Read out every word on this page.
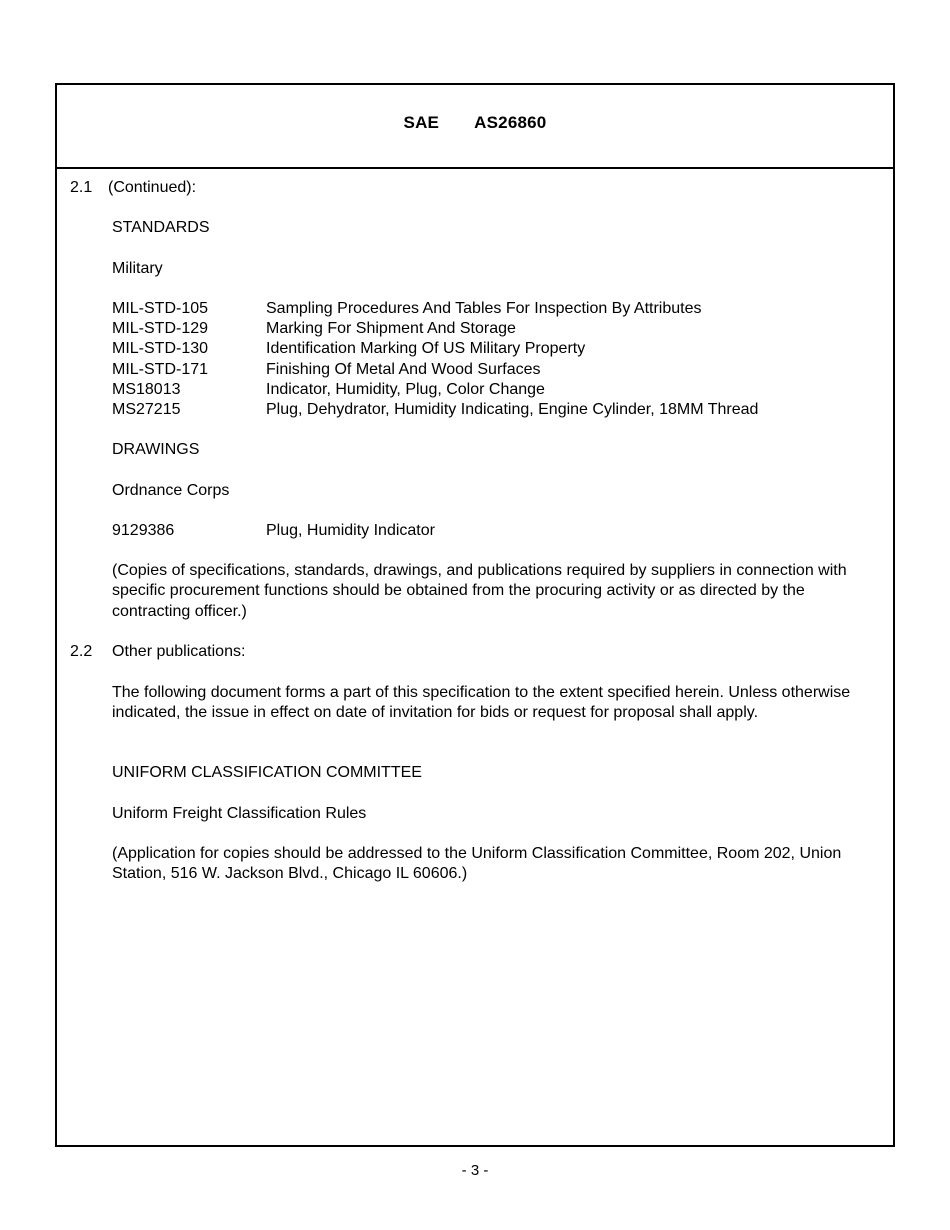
SAE AS26860
2.1 (Continued):
STANDARDS
Military
MIL-STD-105	Sampling Procedures And Tables For Inspection By Attributes
MIL-STD-129	Marking For Shipment And Storage
MIL-STD-130	Identification Marking Of US Military Property
MIL-STD-171	Finishing Of Metal And Wood Surfaces
MS18013	Indicator, Humidity, Plug, Color Change
MS27215	Plug, Dehydrator, Humidity Indicating, Engine Cylinder, 18MM Thread
DRAWINGS
Ordnance Corps
9129386	Plug, Humidity Indicator
(Copies of specifications, standards, drawings, and publications required by suppliers in connection with specific procurement functions should be obtained from the procuring activity or as directed by the contracting officer.)
2.2 Other publications:
The following document forms a part of this specification to the extent specified herein. Unless otherwise indicated, the issue in effect on date of invitation for bids or request for proposal shall apply.
UNIFORM CLASSIFICATION COMMITTEE
Uniform Freight Classification Rules
(Application for copies should be addressed to the Uniform Classification Committee, Room 202, Union Station, 516 W. Jackson Blvd., Chicago IL 60606.)
- 3 -
